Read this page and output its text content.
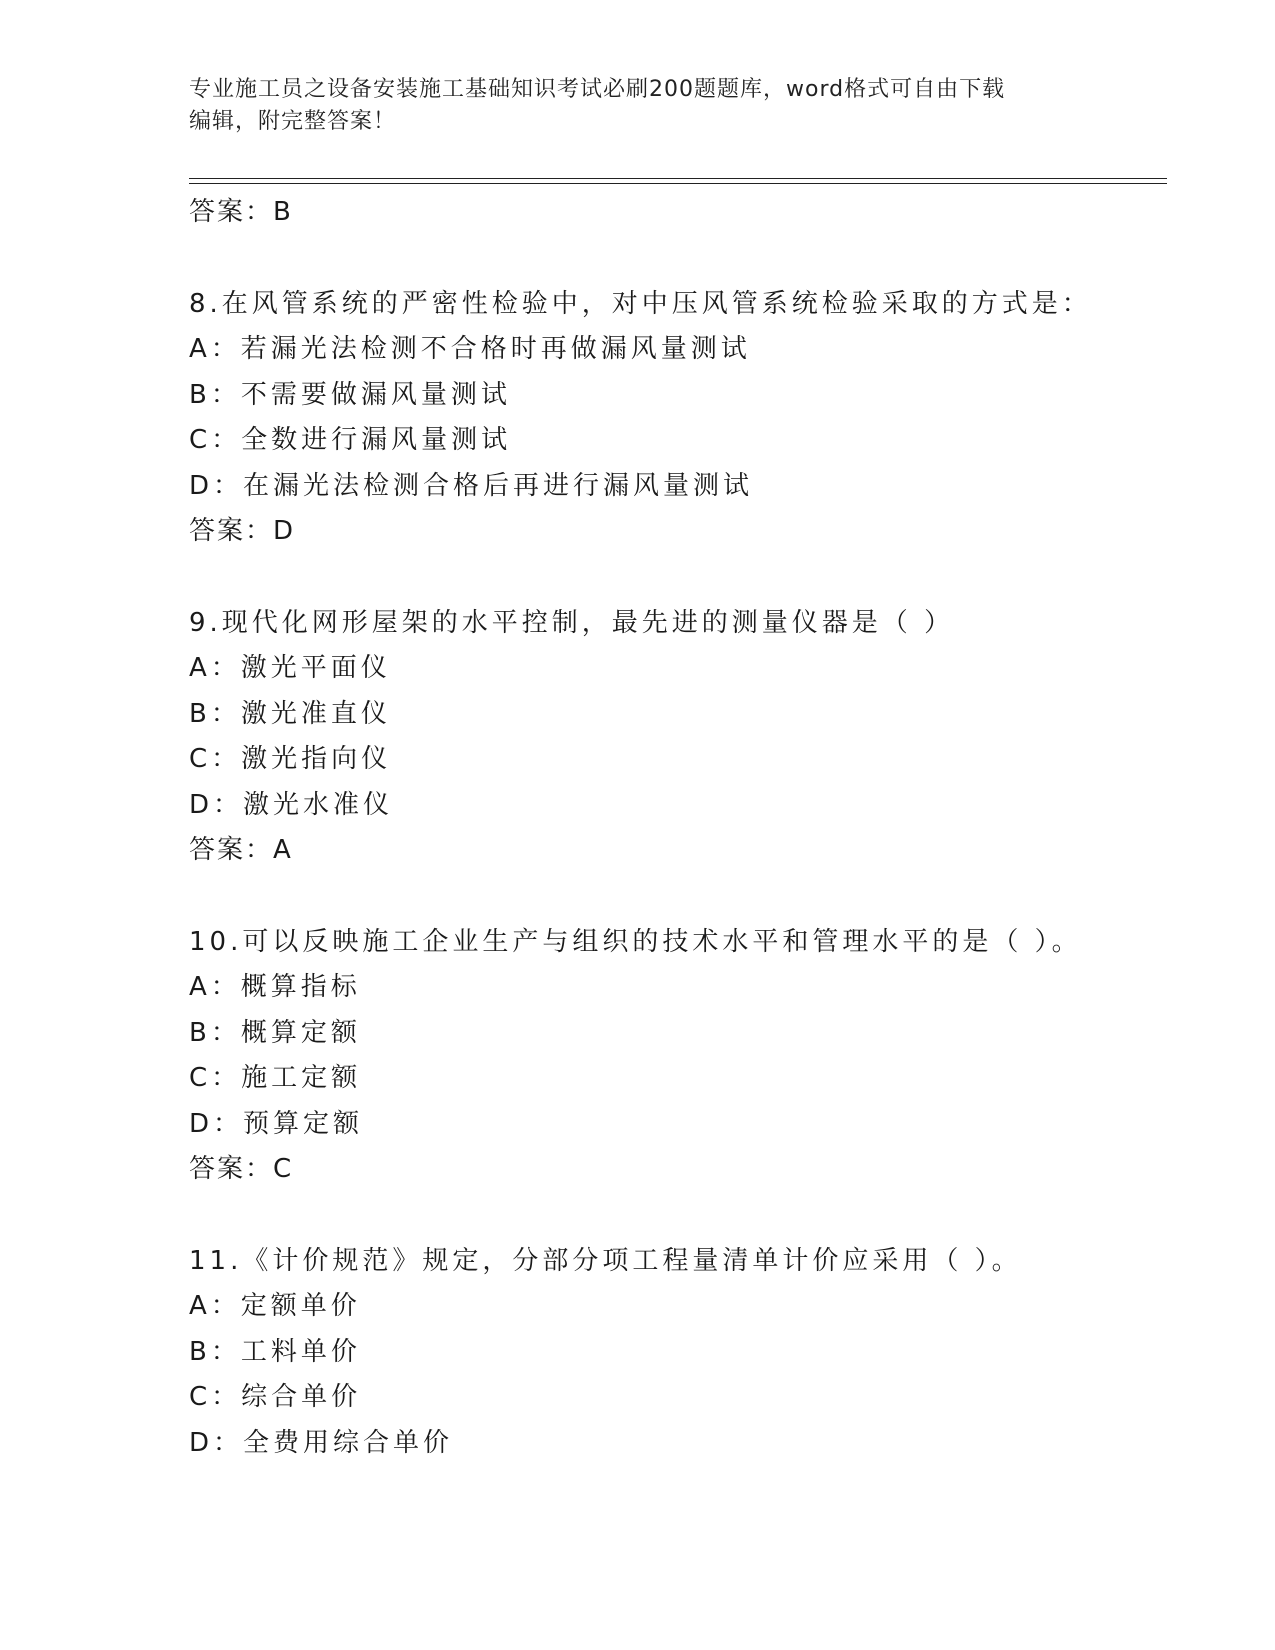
专业施工员之设备安装施工基础知识考试必刷200题题库，word格式可自由下载
编辑，附完整答案！
答案：B
8.在风管系统的严密性检验中，对中压风管系统检验采取的方式是：
A：若漏光法检测不合格时再做漏风量测试
B：不需要做漏风量测试
C：全数进行漏风量测试
D：在漏光法检测合格后再进行漏风量测试
答案：D
9.现代化网形屋架的水平控制，最先进的测量仪器是（ ）
A：激光平面仪
B：激光准直仪
C：激光指向仪
D：激光水准仪
答案：A
10.可以反映施工企业生产与组织的技术水平和管理水平的是（ ）。
A：概算指标
B：概算定额
C：施工定额
D：预算定额
答案：C
11.《计价规范》规定，分部分项工程量清单计价应采用（ ）。
A：定额单价
B：工料单价
C：综合单价
D：全费用综合单价
